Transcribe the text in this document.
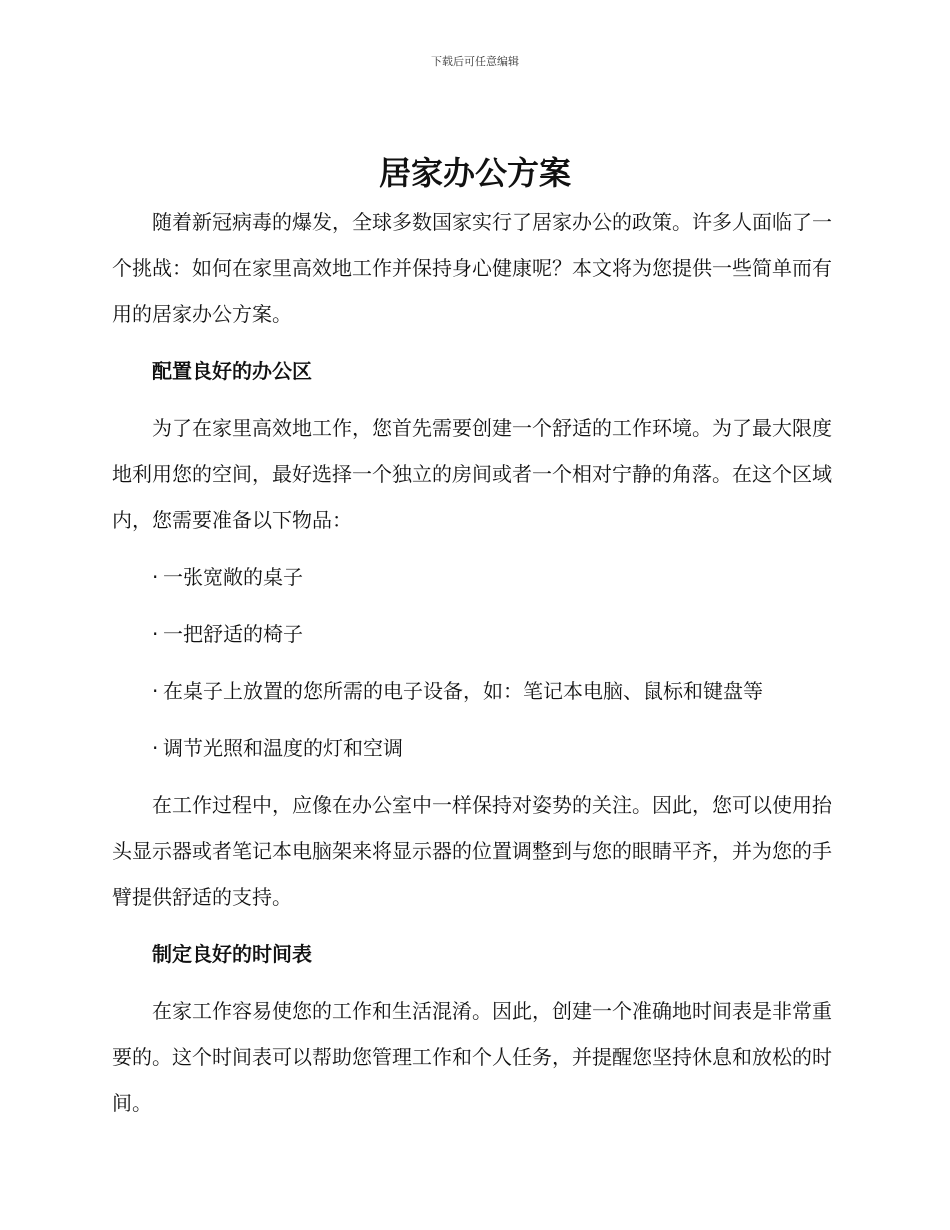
下载后可任意编辑
居家办公方案

随着新冠病毒的爆发，全球多数国家实行了居家办公的政策。许多人面临了一个挑战：如何在家里高效地工作并保持身心健康呢？本文将为您提供一些简单而有用的居家办公方案。

配置良好的办公区

为了在家里高效地工作，您首先需要创建一个舒适的工作环境。为了最大限度地利用您的空间，最好选择一个独立的房间或者一个相对宁静的角落。在这个区域内，您需要准备以下物品：

· 一张宽敞的桌子
· 一把舒适的椅子
· 在桌子上放置的您所需的电子设备，如：笔记本电脑、鼠标和键盘等
· 调节光照和温度的灯和空调

在工作过程中，应像在办公室中一样保持对姿势的关注。因此，您可以使用抬头显示器或者笔记本电脑架来将显示器的位置调整到与您的眼睛平齐，并为您的手臂提供舒适的支持。

制定良好的时间表

在家工作容易使您的工作和生活混淆。因此，创建一个准确地时间表是非常重要的。这个时间表可以帮助您管理工作和个人任务，并提醒您坚持休息和放松的时间。
